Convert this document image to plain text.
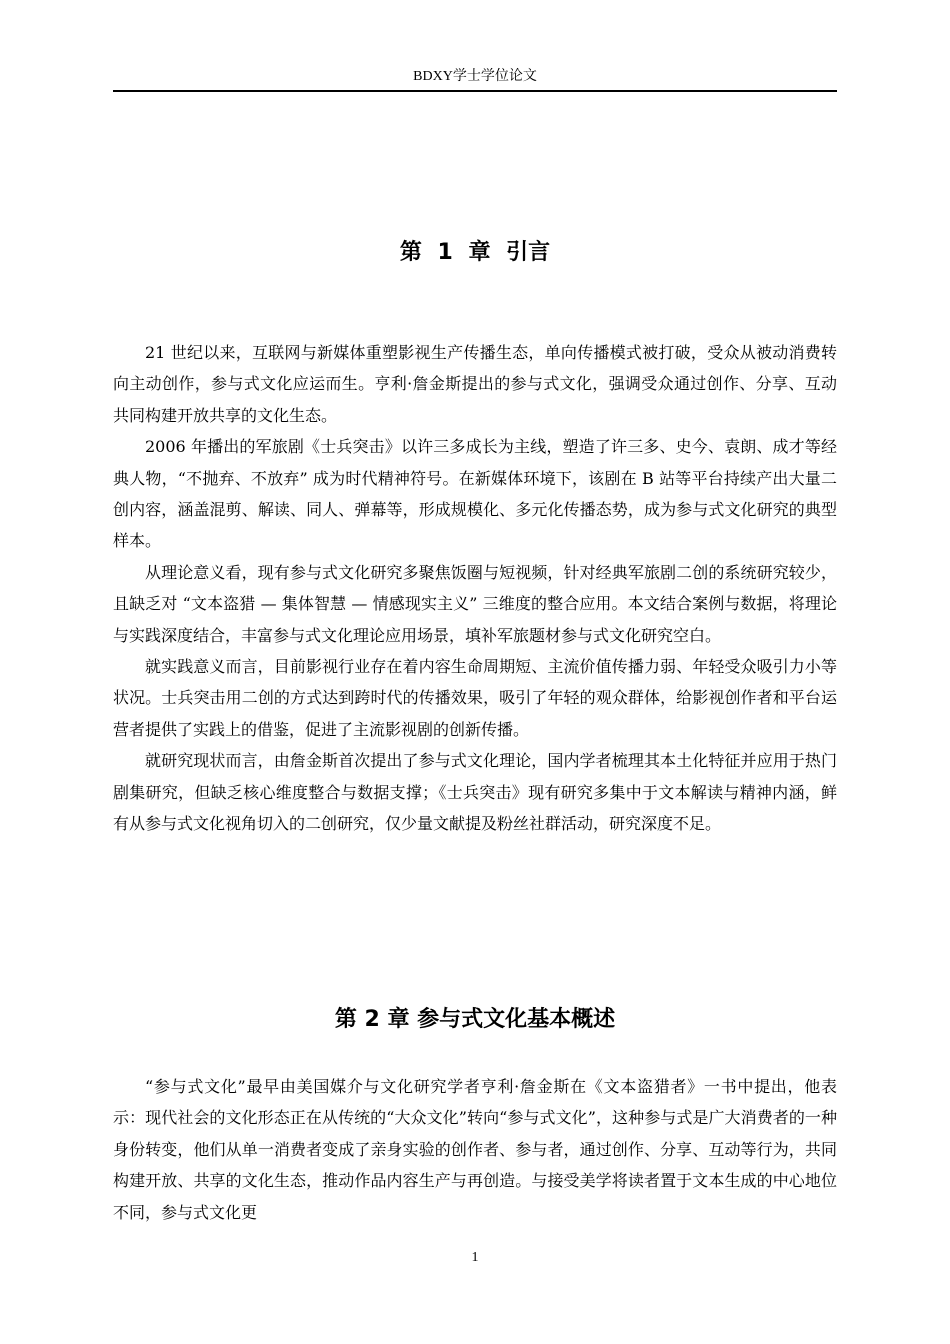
BDXY学士学位论文
第 1 章 引言

21 世纪以来，互联网与新媒体重塑影视生产传播生态，单向传播模式被打破，受众从被动消费转向主动创作，参与式文化应运而生。亨利·詹金斯提出的参与式文化，强调受众通过创作、分享、互动共同构建开放共享的文化生态。

2006 年播出的军旅剧《士兵突击》以许三多成长为主线，塑造了许三多、史今、袁朗、成才等经典人物，“不抛弃、不放弃” 成为时代精神符号。在新媒体环境下，该剧在 B 站等平台持续产出大量二创内容，涵盖混剪、解读、同人、弹幕等，形成规模化、多元化传播态势，成为参与式文化研究的典型样本。

从理论意义看，现有参与式文化研究多聚焦饭圈与短视频，针对经典军旅剧二创的系统研究较少，且缺乏对 “文本盗猎 — 集体智慧 — 情感现实主义” 三维度的整合应用。本文结合案例与数据，将理论与实践深度结合，丰富参与式文化理论应用场景，填补军旅题材参与式文化研究空白。

就实践意义而言，目前影视行业存在着内容生命周期短、主流价值传播力弱、年轻受众吸引力小等状况。士兵突击用二创的方式达到跨时代的传播效果，吸引了年轻的观众群体，给影视创作者和平台运营者提供了实践上的借鉴，促进了主流影视剧的创新传播。

就研究现状而言，由詹金斯首次提出了参与式文化理论，国内学者梳理其本土化特征并应用于热门剧集研究，但缺乏核心维度整合与数据支撑；《士兵突击》现有研究多集中于文本解读与精神内涵，鲜有从参与式文化视角切入的二创研究，仅少量文献提及粉丝社群活动，研究深度不足。

第 2 章 参与式文化基本概述

“参与式文化”最早由美国媒介与文化研究学者亨利·詹金斯在《文本盗猎者》一书中提出，他表示：现代社会的文化形态正在从传统的“大众文化”转向“参与式文化”，这种参与式是广大消费者的一种身份转变，他们从单一消费者变成了亲身实验的创作者、参与者，通过创作、分享、互动等行为，共同构建开放、共享的文化生态，推动作品内容生产与再创造。与接受美学将读者置于文本生成的中心地位不同，参与式文化更

1
